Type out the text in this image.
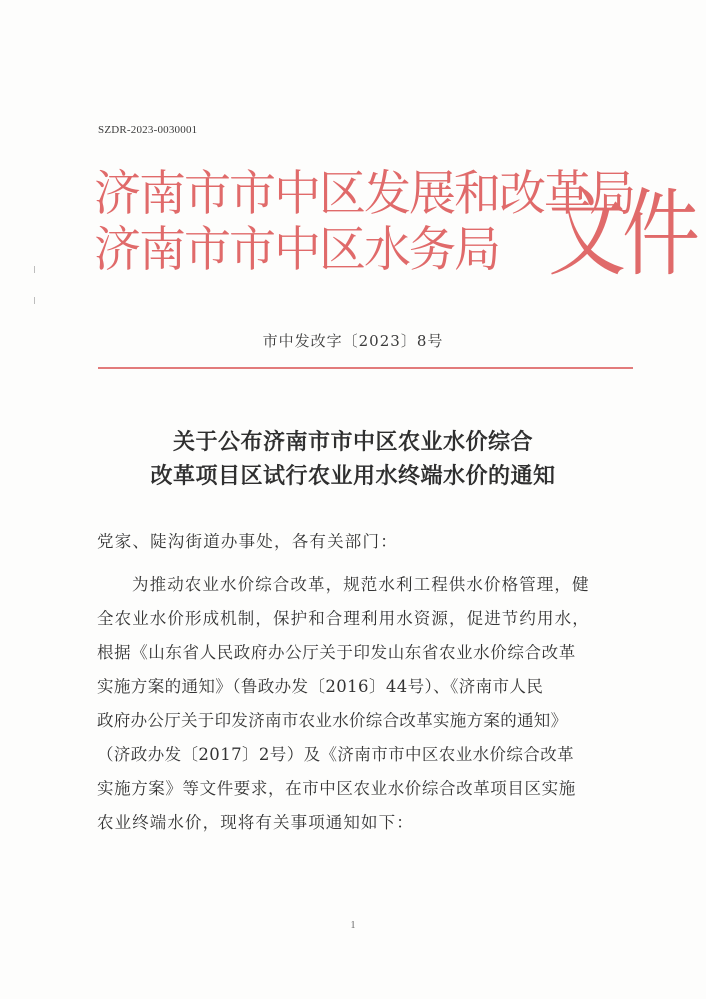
SZDR-2023-0030001
济南市市中区发展和改革局
济南市市中区水务局 文件
市中发改字〔2023〕8号
关于公布济南市市中区农业水价综合
改革项目区试行农业用水终端水价的通知
党家、陡沟街道办事处，各有关部门：
为推动农业水价综合改革，规范水利工程供水价格管理，健
全农业水价形成机制，保护和合理利用水资源，促进节约用水，
根据《山东省人民政府办公厅关于印发山东省农业水价综合改革
实施方案的通知》（鲁政办发〔2016〕44号）、《济南市人民
政府办公厅关于印发济南市农业水价综合改革实施方案的通知》
（济政办发〔2017〕2号）及《济南市市中区农业水价综合改革
实施方案》等文件要求，在市中区农业水价综合改革项目区实施
农业终端水价，现将有关事项通知如下：
1
